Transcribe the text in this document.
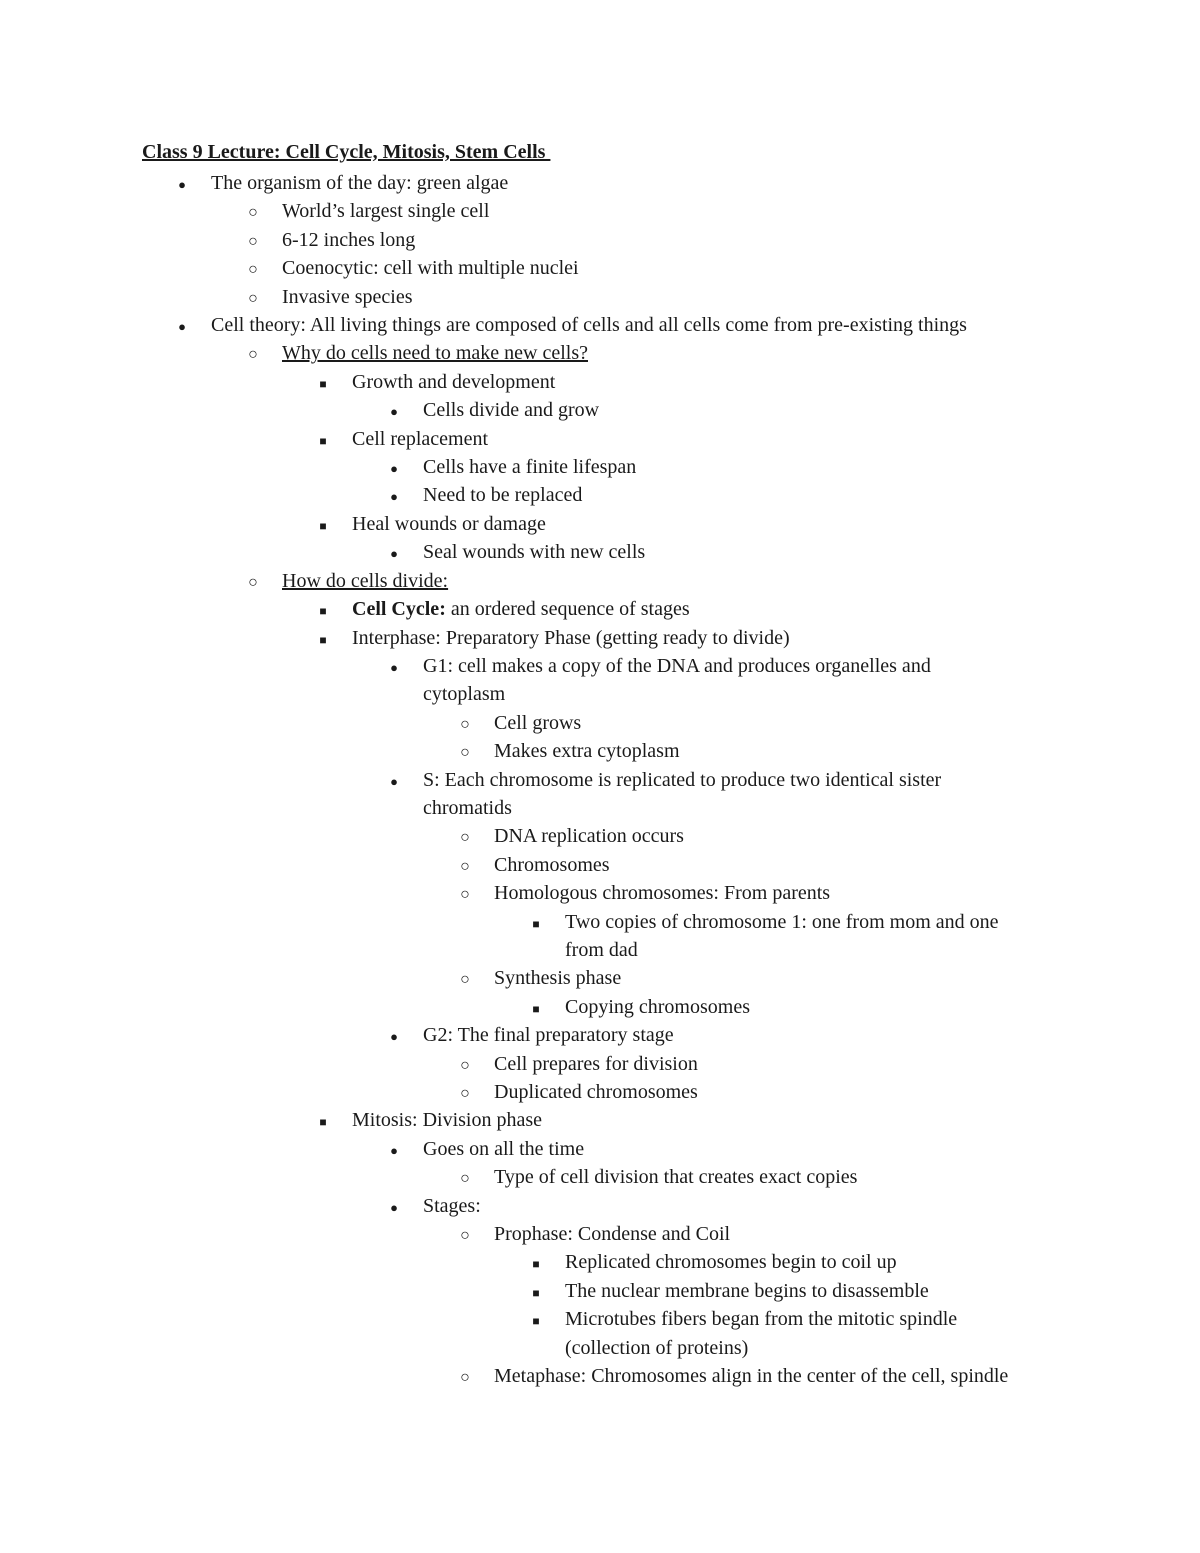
Class 9 Lecture: Cell Cycle, Mitosis, Stem Cells
●
The organism of the day: green algae
○
World’s largest single cell
○
6-12 inches long
○
Coenocytic: cell with multiple nuclei
○
Invasive species
●
Cell theory: All living things are composed of cells and all cells come from pre-existing things
○
Why do cells need to make new cells?
■
Growth and development
●
Cells divide and grow
■
Cell replacement
●
Cells have a finite lifespan
●
Need to be replaced
■
Heal wounds or damage
●
Seal wounds with new cells
○
How do cells divide:
■
Cell Cycle: an ordered sequence of stages
■
Interphase: Preparatory Phase (getting ready to divide)
●
G1: cell makes a copy of the DNA and produces organelles and cytoplasm
○
Cell grows
○
Makes extra cytoplasm
●
S: Each chromosome is replicated to produce two identical sister chromatids
○
DNA replication occurs
○
Chromosomes
○
Homologous chromosomes: From parents
■
Two copies of chromosome 1: one from mom and one from dad
○
Synthesis phase
■
Copying chromosomes
●
G2: The final preparatory stage
○
Cell prepares for division
○
Duplicated chromosomes
■
Mitosis: Division phase
●
Goes on all the time
○
Type of cell division that creates exact copies
●
Stages:
○
Prophase: Condense and Coil
■
Replicated chromosomes begin to coil up
■
The nuclear membrane begins to disassemble
■
Microtubes fibers began from the mitotic spindle (collection of proteins)
○
Metaphase: Chromosomes align in the center of the cell, spindle
